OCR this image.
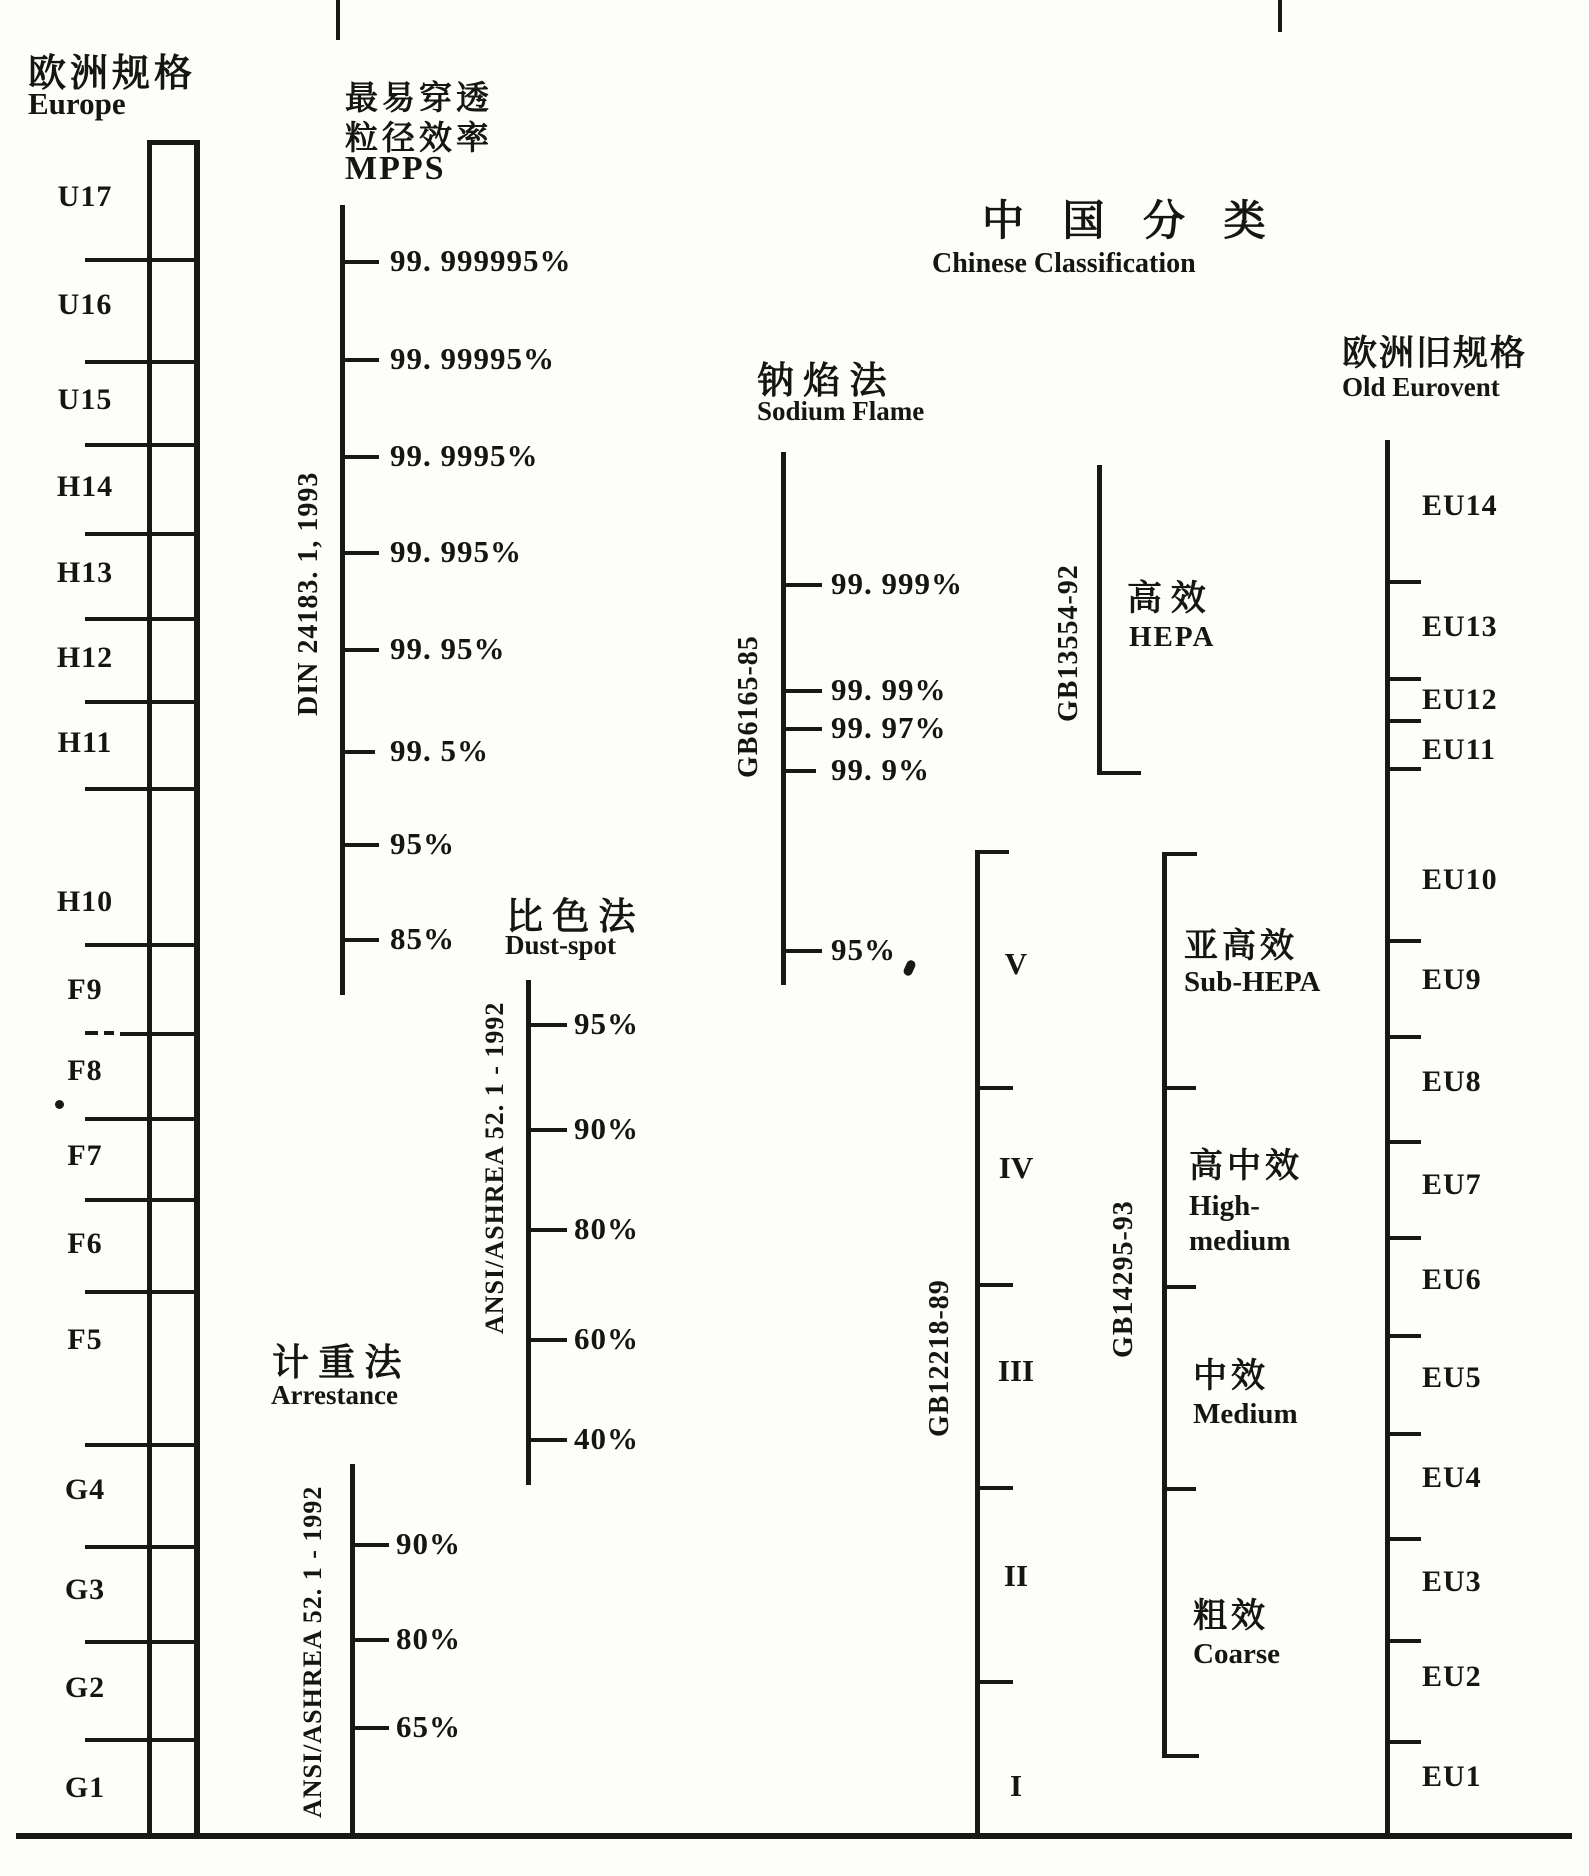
欧洲规格
Europe
U17
U16
U15
H14
H13
H12
H11
H10
F9
F8
F7
F6
F5
G4
G3
G2
G1
最易穿透
粒径效率
MPPS
DIN 24183. 1, 1993
99. 999995%
99. 99995%
99. 9995%
99. 995%
99. 95%
99. 5%
95%
85%
钠 焰 法
Sodium Flame
GB6165-85
99. 999%
99. 99%
99. 97%
99. 9%
95%
比 色 法
Dust-spot
ANSI/ASHREA 52. 1 - 1992 95%
90%
80%
60%
40%
计 重 法
Arrestance
ANSI/ASHREA 52. 1 - 1992 90%
80%
65%
中 国 分 类
Chinese Classification
GB13554-92 高 效
HEPA
GB12218-89
V
IV
III
II
I
GB14295-93
亚高效
Sub-HEPA
高中效
High-
medium
中效
Medium
粗效
Coarse
欧洲旧规格
Old Eurovent
EU14
EU13
EU12
EU11
EU10
EU9
EU8
EU7
EU6
EU5
EU4
EU3
EU2
EU1
